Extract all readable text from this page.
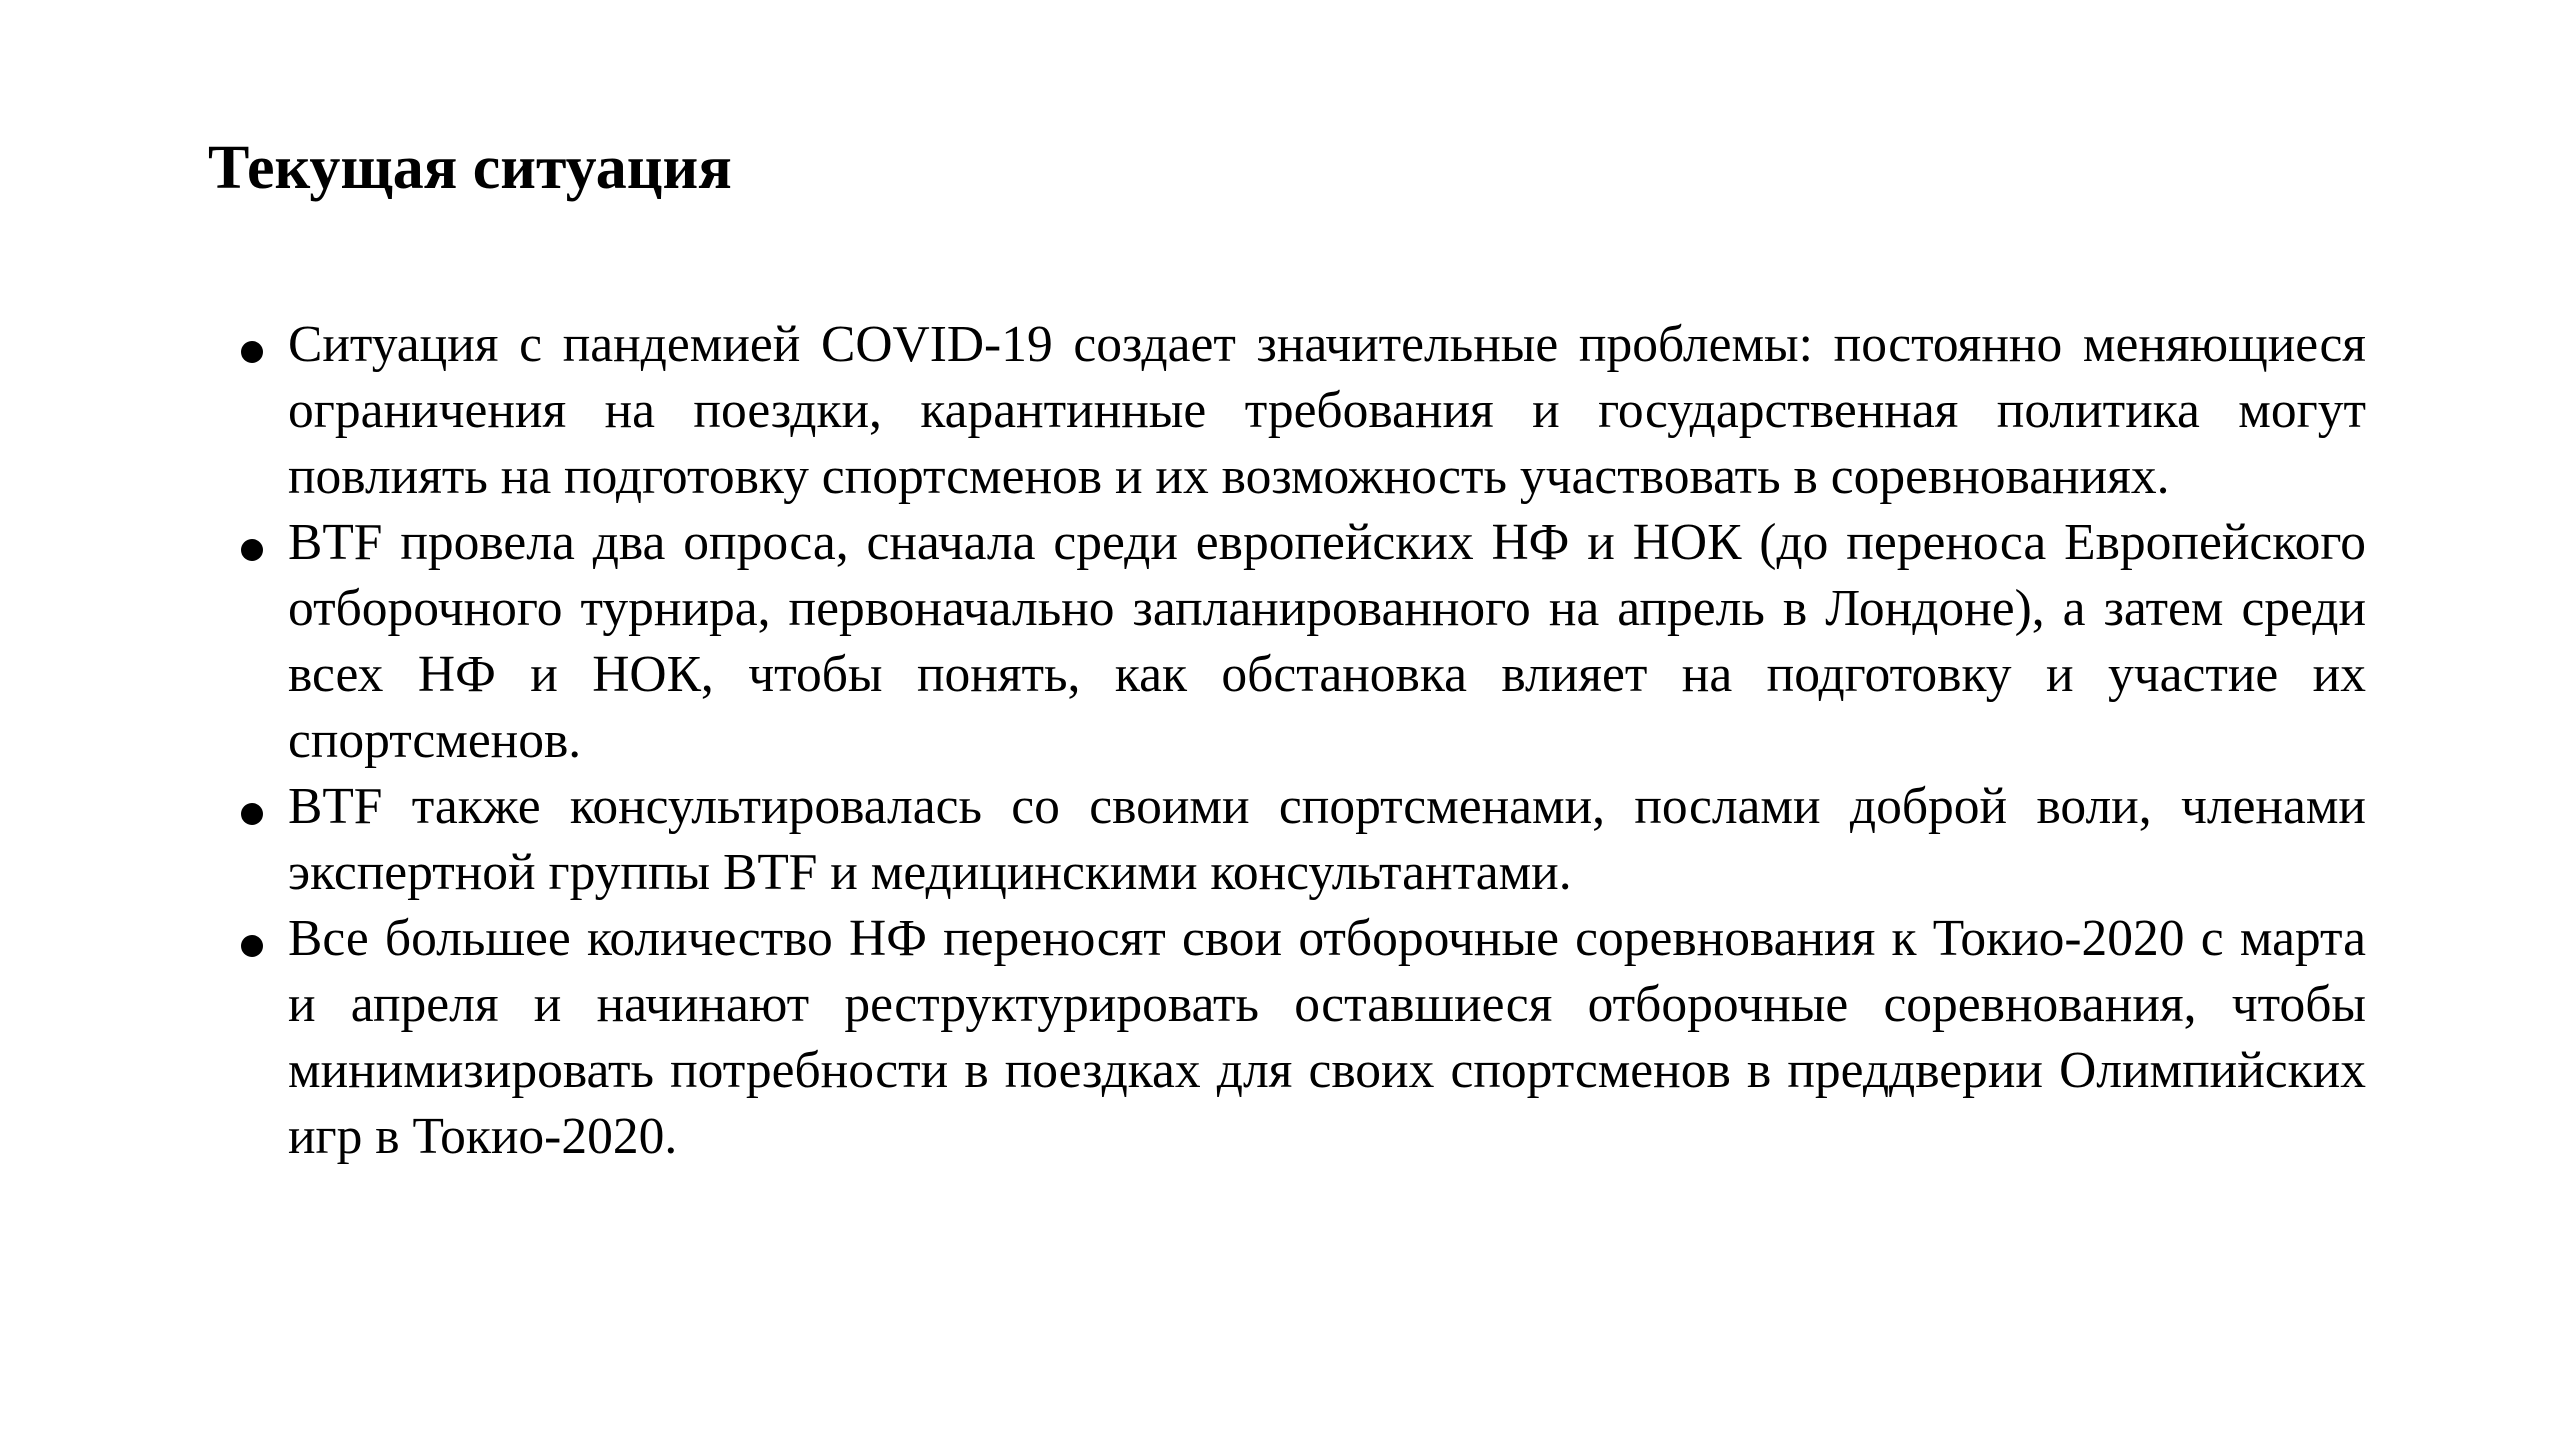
Текущая ситуация
Ситуация с пандемией COVID-19 создает значительные проблемы: постоянно меняющиеся ограничения на поездки, карантинные требования и государственная политика могут повлиять на подготовку спортсменов и их возможность участвовать в соревнованиях.
BTF провела два опроса, сначала среди европейских НФ и НОК (до переноса Европейского отборочного турнира, первоначально запланированного на апрель в Лондоне), а затем среди всех НФ и НОК, чтобы понять, как обстановка влияет на подготовку и участие их спортсменов.
BTF также консультировалась со своими спортсменами, послами доброй воли, членами экспертной группы BTF и медицинскими консультантами.
Все большее количество НФ переносят свои отборочные соревнования к Токио-2020 с марта и апреля и начинают реструктурировать оставшиеся отборочные соревнования, чтобы минимизировать потребности в поездках для своих спортсменов в преддверии Олимпийских игр в Токио-2020.
